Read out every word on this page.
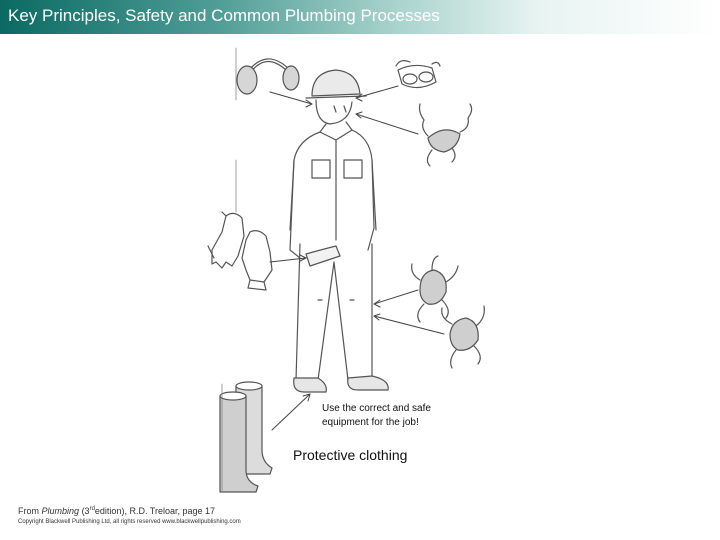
Key Principles, Safety and Common Plumbing Processes
Use the correct and safe
equipment for the job!
Protective clothing
From Plumbing (3rdedition), R.D. Treloar, page 17
Copyright Blackwell Publishing Ltd, all rights reserved www.blackwellpublishing.com
